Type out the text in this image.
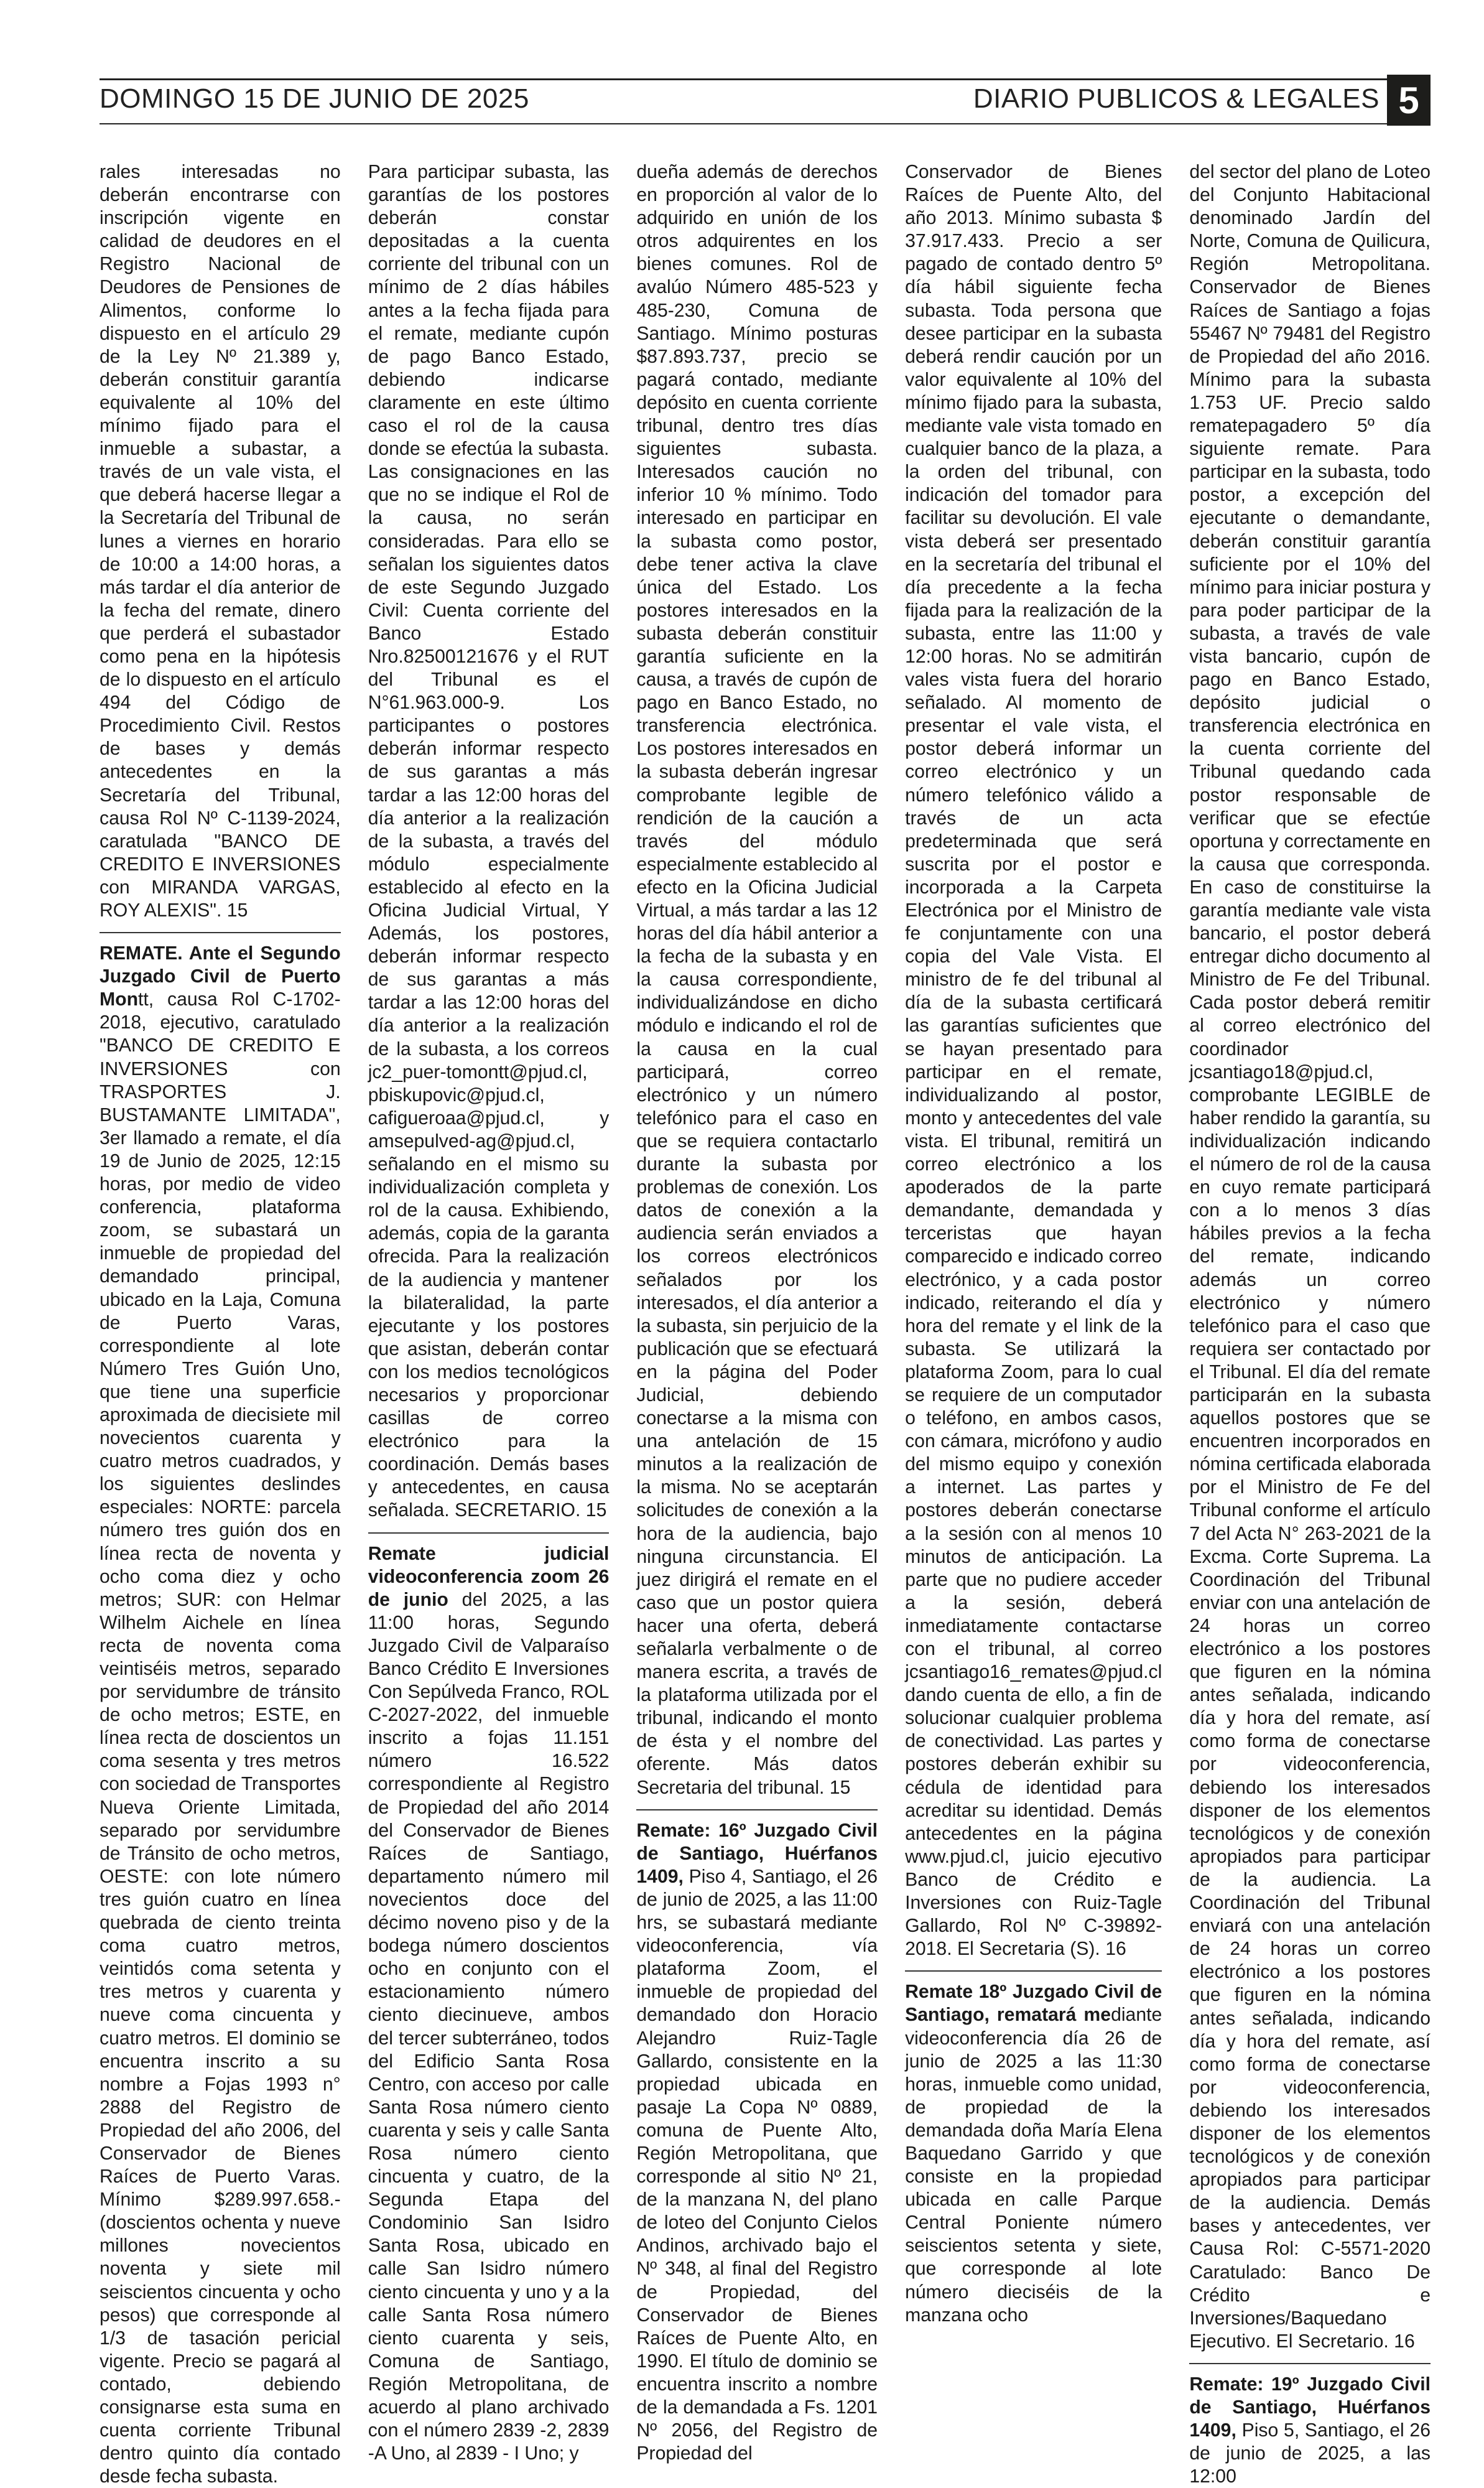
DOMINGO 15 DE JUNIO DE 2025	DIARIO PUBLICOS & LEGALES 5

rales interesadas no deberán encontrarse con inscripción vigente en calidad de deudores en el Registro Nacional de Deudores de Pensiones de Alimentos, conforme lo dispuesto en el artículo 29 de la Ley Nº 21.389 y, deberán constituir garantía equivalente al 10% del mínimo fijado para el inmueble a subastar, a través de un vale vista, el que deberá hacerse llegar a la Secretaría del Tribunal de lunes a viernes en horario de 10:00 a 14:00 horas, a más tardar el día anterior de la fecha del remate, dinero que perderá el subastador como pena en la hipótesis de lo dispuesto en el artículo 494 del Código de Procedimiento Civil. Restos de bases y demás antecedentes en la Secretaría del Tribunal, causa Rol Nº C-1139-2024, caratulada "BANCO DE CREDITO E INVERSIONES con MIRANDA VARGAS, ROY ALEXIS". 15

REMATE. Ante el Segundo Juzgado Civil de Puerto Montt, causa Rol C-1702-2018, ejecutivo, caratulado "BANCO DE CREDITO E INVERSIONES con TRASPORTES J. BUSTAMANTE LIMITADA", 3er llamado a remate, el día 19 de Junio de 2025, 12:15 horas, por medio de video conferencia, plataforma zoom, se subastará un inmueble de propiedad del demandado principal, ubicado en la Laja, Comuna de Puerto Varas, correspondiente al lote Número Tres Guión Uno, que tiene una superficie aproximada de diecisiete mil novecientos cuarenta y cuatro metros cuadrados, y los siguientes deslindes especiales: NORTE: parcela número tres guión dos en línea recta de noventa y ocho coma diez y ocho metros; SUR: con Helmar Wilhelm Aichele en línea recta de noventa coma veintiséis metros, separado por servidumbre de tránsito de ocho metros; ESTE, en línea recta de doscientos un coma sesenta y tres metros con sociedad de Transportes Nueva Oriente Limitada, separado por servidumbre de Tránsito de ocho metros, OESTE: con lote número tres guión cuatro en línea quebrada de ciento treinta coma cuatro metros, veintidós coma setenta y tres metros y cuarenta y nueve coma cincuenta y cuatro metros. El dominio se encuentra inscrito a su nombre a Fojas 1993 n° 2888 del Registro de Propiedad del año 2006, del Conservador de Bienes Raíces de Puerto Varas. Mínimo $289.997.658.- (doscientos ochenta y nueve millones novecientos noventa y siete mil seiscientos cincuenta y ocho pesos) que corresponde al 1/3 de tasación pericial vigente. Precio se pagará al contado, debiendo consignarse esta suma en cuenta corriente Tribunal dentro quinto día contado desde fecha subasta.

Para participar subasta, las garantías de los postores deberán constar depositadas a la cuenta corriente del tribunal con un mínimo de 2 días hábiles antes a la fecha fijada para el remate, mediante cupón de pago Banco Estado, debiendo indicarse claramente en este último caso el rol de la causa donde se efectúa la subasta. Las consignaciones en las que no se indique el Rol de la causa, no serán consideradas. Para ello se señalan los siguientes datos de este Segundo Juzgado Civil: Cuenta corriente del Banco Estado Nro.82500121676 y el RUT del Tribunal es el N°61.963.000-9. Los participantes o postores deberán informar respecto de sus garantas a más tardar a las 12:00 horas del día anterior a la realización de la subasta, a través del módulo especialmente establecido al efecto en la Oficina Judicial Virtual, Y Además, los postores, deberán informar respecto de sus garantas a más tardar a las 12:00 horas del día anterior a la realización de la subasta, a los correos jc2_puer-tomontt@pjud.cl, pbiskupovic@pjud.cl, cafigueroaa@pjud.cl, y amsepulved-ag@pjud.cl, señalando en el mismo su individualización completa y rol de la causa. Exhibiendo, además, copia de la garanta ofrecida. Para la realización de la audiencia y mantener la bilateralidad, la parte ejecutante y los postores que asistan, deberán contar con los medios tecnológicos necesarios y proporcionar casillas de correo electrónico para la coordinación. Demás bases y antecedentes, en causa señalada. SECRETARIO. 15

Remate judicial videoconferencia zoom 26 de junio del 2025, a las 11:00 horas, Segundo Juzgado Civil de Valparaíso Banco Crédito E Inversiones Con Sepúlveda Franco, ROL C-2027-2022, del inmueble inscrito a fojas 11.151 número 16.522 correspondiente al Registro de Propiedad del año 2014 del Conservador de Bienes Raíces de Santiago, departamento número mil novecientos doce del décimo noveno piso y de la bodega número doscientos ocho en conjunto con el estacionamiento número ciento diecinueve, ambos del tercer subterráneo, todos del Edificio Santa Rosa Centro, con acceso por calle Santa Rosa número ciento cuarenta y seis y calle Santa Rosa número ciento cincuenta y cuatro, de la Segunda Etapa del Condominio San Isidro Santa Rosa, ubicado en calle San Isidro número ciento cincuenta y uno y a la calle Santa Rosa número ciento cuarenta y seis, Comuna de Santiago, Región Metropolitana, de acuerdo al plano archivado con el número 2839 -2, 2839 -A Uno, al 2839 - I Uno; y

dueña además de derechos en proporción al valor de lo adquirido en unión de los otros adquirentes en los bienes comunes. Rol de avalúo Número 485-523 y 485-230, Comuna de Santiago. Mínimo posturas $87.893.737, precio se pagará contado, mediante depósito en cuenta corriente tribunal, dentro tres días siguientes subasta. Interesados caución no inferior 10 % mínimo. Todo interesado en participar en la subasta como postor, debe tener activa la clave única del Estado. Los postores interesados en la subasta deberán constituir garantía suficiente en la causa, a través de cupón de pago en Banco Estado, no transferencia electrónica. Los postores interesados en la subasta deberán ingresar comprobante legible de rendición de la caución a través del módulo especialmente establecido al efecto en la Oficina Judicial Virtual, a más tardar a las 12 horas del día hábil anterior a la fecha de la subasta y en la causa correspondiente, individualizándose en dicho módulo e indicando el rol de la causa en la cual participará, correo electrónico y un número telefónico para el caso en que se requiera contactarlo durante la subasta por problemas de conexión. Los datos de conexión a la audiencia serán enviados a los correos electrónicos señalados por los interesados, el día anterior a la subasta, sin perjuicio de la publicación que se efectuará en la página del Poder Judicial, debiendo conectarse a la misma con una antelación de 15 minutos a la realización de la misma. No se aceptarán solicitudes de conexión a la hora de la audiencia, bajo ninguna circunstancia. El juez dirigirá el remate en el caso que un postor quiera hacer una oferta, deberá señalarla verbalmente o de manera escrita, a través de la plataforma utilizada por el tribunal, indicando el monto de ésta y el nombre del oferente. Más datos Secretaria del tribunal. 15

Remate: 16º Juzgado Civil de Santiago, Huérfanos 1409, Piso 4, Santiago, el 26 de junio de 2025, a las 11:00 hrs, se subastará mediante videoconferencia, vía plataforma Zoom, el inmueble de propiedad del demandado don Horacio Alejandro Ruiz-Tagle Gallardo, consistente en la propiedad ubicada en pasaje La Copa Nº 0889, comuna de Puente Alto, Región Metropolitana, que corresponde al sitio Nº 21, de la manzana N, del plano de loteo del Conjunto Cielos Andinos, archivado bajo el Nº 348, al final del Registro de Propiedad, del Conservador de Bienes Raíces de Puente Alto, en 1990. El título de dominio se encuentra inscrito a nombre de la demandada a Fs. 1201 Nº 2056, del Registro de Propiedad del

Conservador de Bienes Raíces de Puente Alto, del año 2013. Mínimo subasta $ 37.917.433. Precio a ser pagado de contado dentro 5º día hábil siguiente fecha subasta. Toda persona que desee participar en la subasta deberá rendir caución por un valor equivalente al 10% del mínimo fijado para la subasta, mediante vale vista tomado en cualquier banco de la plaza, a la orden del tribunal, con indicación del tomador para facilitar su devolución. El vale vista deberá ser presentado en la secretaría del tribunal el día precedente a la fecha fijada para la realización de la subasta, entre las 11:00 y 12:00 horas. No se admitirán vales vista fuera del horario señalado. Al momento de presentar el vale vista, el postor deberá informar un correo electrónico y un número telefónico válido a través de un acta predeterminada que será suscrita por el postor e incorporada a la Carpeta Electrónica por el Ministro de fe conjuntamente con una copia del Vale Vista. El ministro de fe del tribunal al día de la subasta certificará las garantías suficientes que se hayan presentado para participar en el remate, individualizando al postor, monto y antecedentes del vale vista. El tribunal, remitirá un correo electrónico a los apoderados de la parte demandante, demandada y terceristas que hayan comparecido e indicado correo electrónico, y a cada postor indicado, reiterando el día y hora del remate y el link de la subasta. Se utilizará la plataforma Zoom, para lo cual se requiere de un computador o teléfono, en ambos casos, con cámara, micrófono y audio del mismo equipo y conexión a internet. Las partes y postores deberán conectarse a la sesión con al menos 10 minutos de anticipación. La parte que no pudiere acceder a la sesión, deberá inmediatamente contactarse con el tribunal, al correo jcsantiago16_remates@pjud.cl dando cuenta de ello, a fin de solucionar cualquier problema de conectividad. Las partes y postores deberán exhibir su cédula de identidad para acreditar su identidad. Demás antecedentes en la página www.pjud.cl, juicio ejecutivo Banco de Crédito e Inversiones con Ruiz-Tagle Gallardo, Rol Nº C-39892-2018. El Secretaria (S). 16

Remate 18º Juzgado Civil de Santiago, rematará mediante videoconferencia día 26 de junio de 2025 a las 11:30 horas, inmueble como unidad, de propiedad de la demandada doña María Elena Baquedano Garrido y que consiste en la propiedad ubicada en calle Parque Central Poniente número seiscientos setenta y siete, que corresponde al lote número dieciséis de la manzana ocho

del sector del plano de Loteo del Conjunto Habitacional denominado Jardín del Norte, Comuna de Quilicura, Región Metropolitana. Conservador de Bienes Raíces de Santiago a fojas 55467 Nº 79481 del Registro de Propiedad del año 2016. Mínimo para la subasta 1.753 UF. Precio saldo rematepagadero 5º día siguiente remate. Para participar en la subasta, todo postor, a excepción del ejecutante o demandante, deberán constituir garantía suficiente por el 10% del mínimo para iniciar postura y para poder participar de la subasta, a través de vale vista bancario, cupón de pago en Banco Estado, depósito judicial o transferencia electrónica en la cuenta corriente del Tribunal quedando cada postor responsable de verificar que se efectúe oportuna y correctamente en la causa que corresponda. En caso de constituirse la garantía mediante vale vista bancario, el postor deberá entregar dicho documento al Ministro de Fe del Tribunal. Cada postor deberá remitir al correo electrónico del coordinador jcsantiago18@pjud.cl, comprobante LEGIBLE de haber rendido la garantía, su individualización indicando el número de rol de la causa en cuyo remate participará con a lo menos 3 días hábiles previos a la fecha del remate, indicando además un correo electrónico y número telefónico para el caso que requiera ser contactado por el Tribunal. El día del remate participarán en la subasta aquellos postores que se encuentren incorporados en nómina certificada elaborada por el Ministro de Fe del Tribunal conforme el artículo 7 del Acta N° 263-2021 de la Excma. Corte Suprema. La Coordinación del Tribunal enviar con una antelación de 24 horas un correo electrónico a los postores que figuren en la nómina antes señalada, indicando día y hora del remate, así como forma de conectarse por videoconferencia, debiendo los interesados disponer de los elementos tecnológicos y de conexión apropiados para participar de la audiencia. La Coordinación del Tribunal enviará con una antelación de 24 horas un correo electrónico a los postores que figuren en la nómina antes señalada, indicando día y hora del remate, así como forma de conectarse por videoconferencia, debiendo los interesados disponer de los elementos tecnológicos y de conexión apropiados para participar de la audiencia. Demás bases y antecedentes, ver Causa Rol: C-5571-2020 Caratulado: Banco De Crédito e Inversiones/Baquedano Ejecutivo. El Secretario. 16

Remate: 19º Juzgado Civil de Santiago, Huérfanos 1409, Piso 5, Santiago, el 26 de junio de 2025, a las 12:00
